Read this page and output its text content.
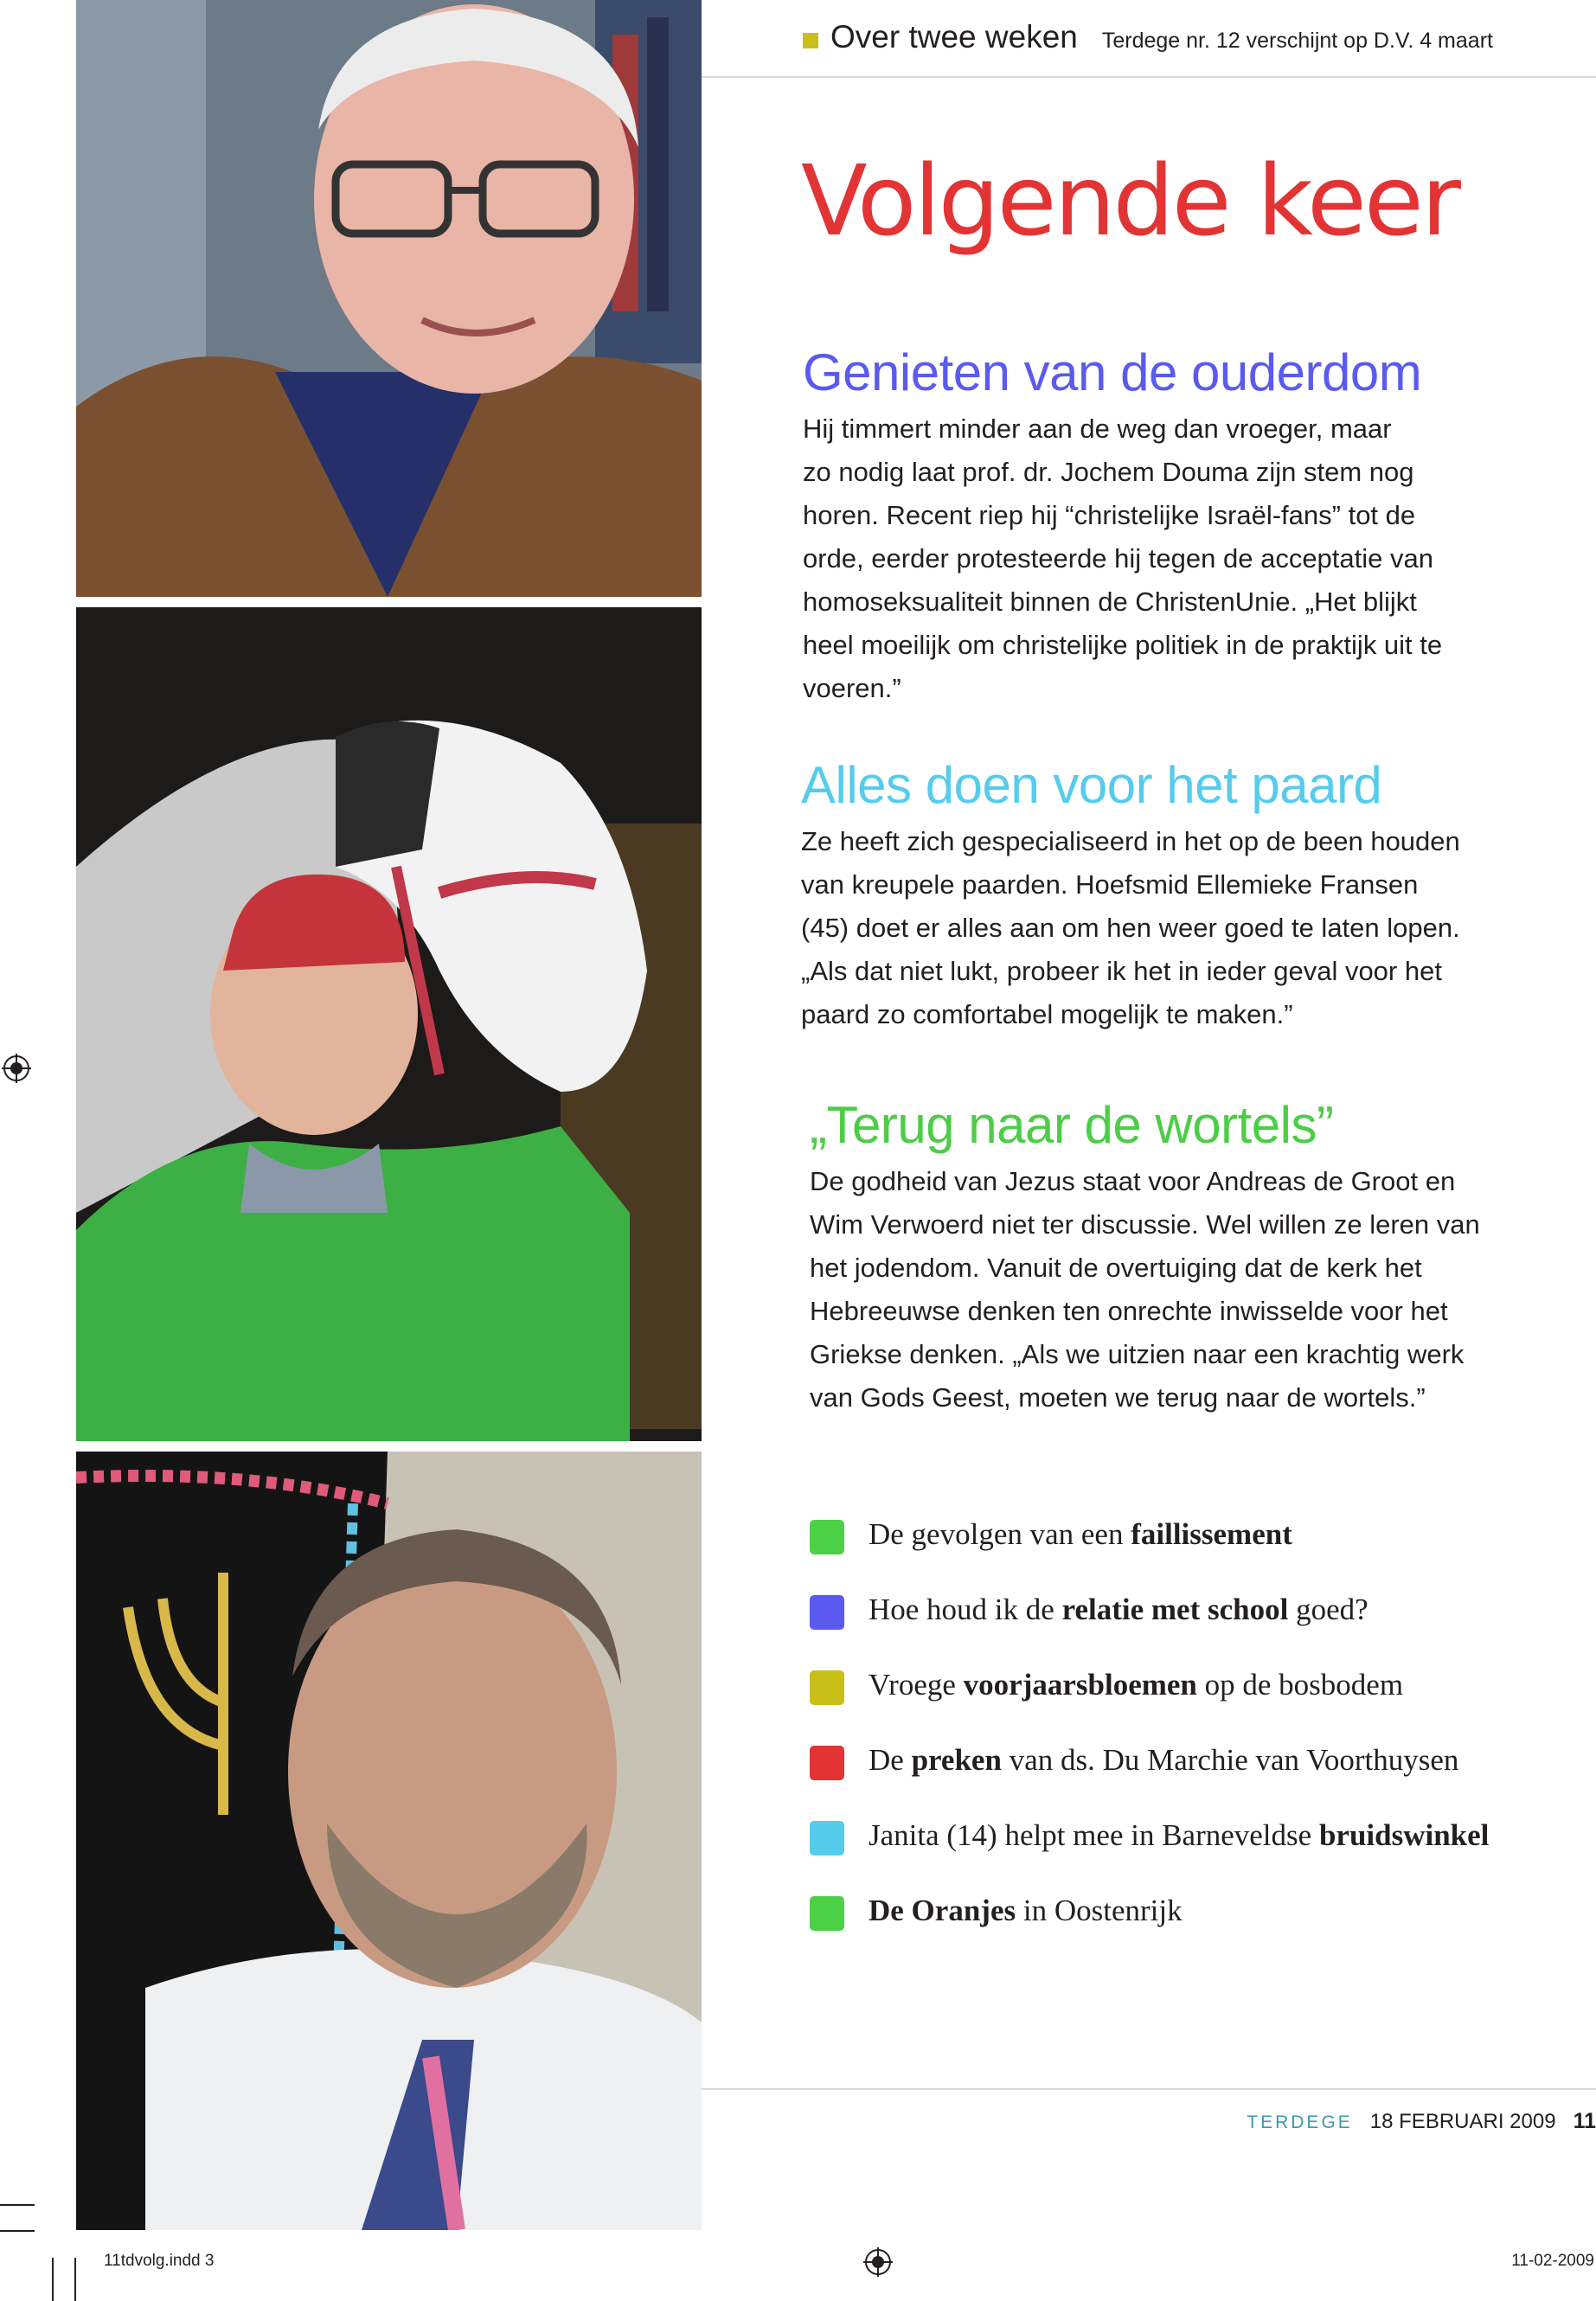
Over twee weken Terdege nr. 12 verschijnt op D.V. 4 maart
Volgende keer
Genieten van de ouderdom

Hij timmert minder aan de weg dan vroeger, maar
zo nodig laat prof. dr. Jochem Douma zijn stem nog
horen. Recent riep hij “christelijke Israël-fans” tot de
orde, eerder protesteerde hij tegen de acceptatie van
homoseksualiteit binnen de ChristenUnie. „Het blijkt
heel moeilijk om christelijke politiek in de praktijk uit te
voeren.”

Alles doen voor het paard

Ze heeft zich gespecialiseerd in het op de been houden
van kreupele paarden. Hoefsmid Ellemieke Fransen
(45) doet er alles aan om hen weer goed te laten lopen.
„Als dat niet lukt, probeer ik het in ieder geval voor het
paard zo comfortabel mogelijk te maken.”

„Terug naar de wortels”

De godheid van Jezus staat voor Andreas de Groot en
Wim Verwoerd niet ter discussie. Wel willen ze leren van
het jodendom. Vanuit de overtuiging dat de kerk het
Hebreeuwse denken ten onrechte inwisselde voor het
Griekse denken. „Als we uitzien naar een krachtig werk
van Gods Geest, moeten we terug naar de wortels.”

De gevolgen van een faillissement
Hoe houd ik de relatie met school goed?
Vroege voorjaarsbloemen op de bosbodem
De preken van ds. Du Marchie van Voorthuysen
Janita (14) helpt mee in Barneveldse bruidswinkel
De Oranjes in Oostenrijk
TERDEGE 18 FEBRUARI 2009 11
11tdvolg.indd 3	11-02-2009
